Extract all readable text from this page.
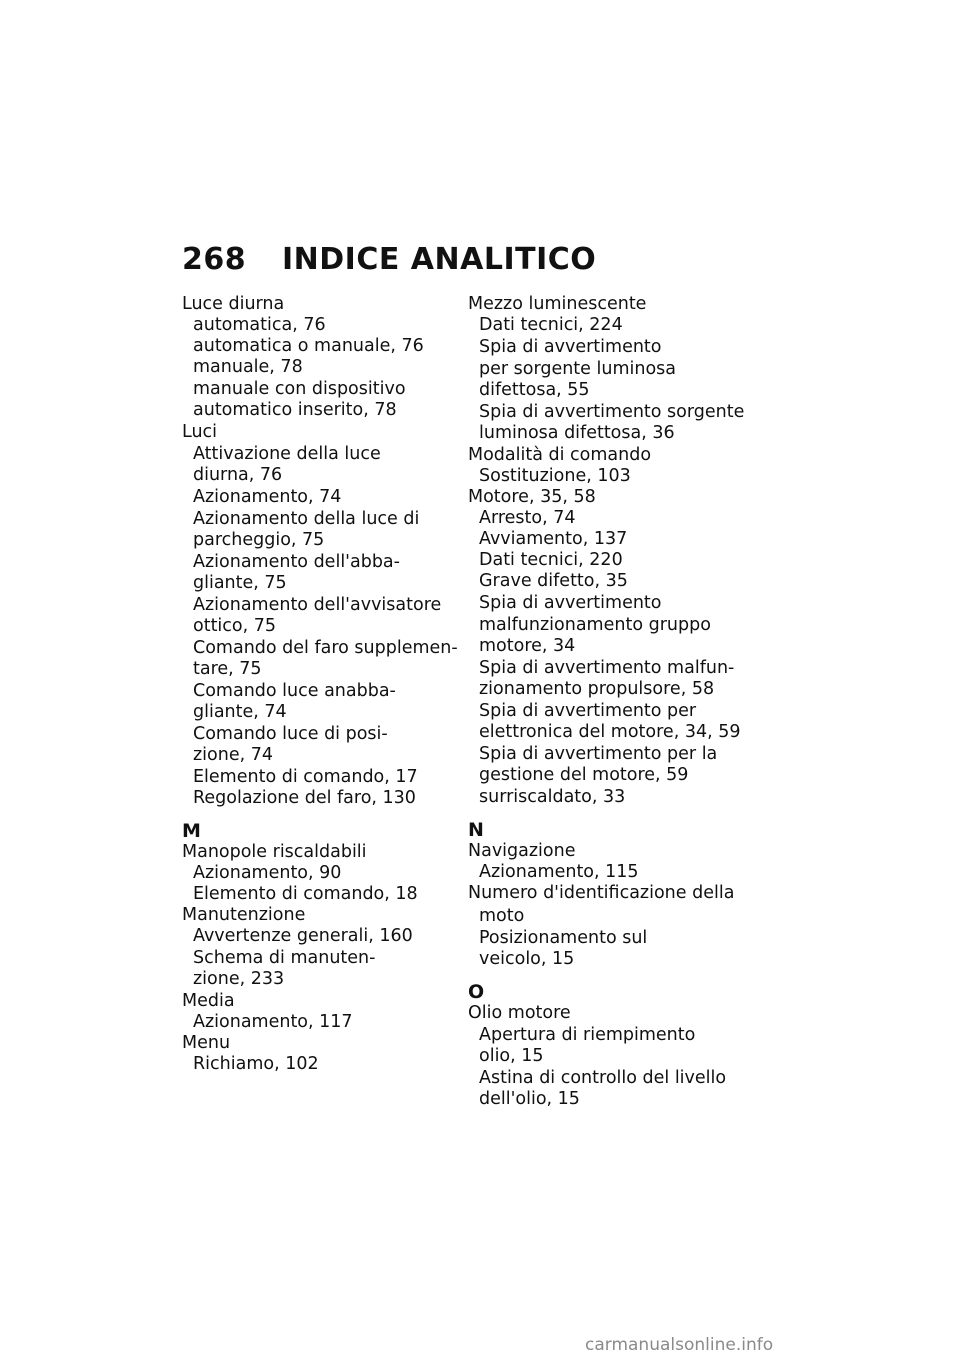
268 INDICE ANALITICO
Luce diurna
automatica, 76
automatica o manuale, 76
manuale, 78
manuale con dispositivo
automatico inserito, 78
Luci
Attivazione della luce
diurna, 76
Azionamento, 74
Azionamento della luce di
parcheggio, 75
Azionamento dell'abba-
gliante, 75
Azionamento dell'avvisatore
ottico, 75
Comando del faro supplemen-
tare, 75
Comando luce anabba-
gliante, 74
Comando luce di posi-
zione, 74
Elemento di comando, 17
Regolazione del faro, 130
M
Manopole riscaldabili
Azionamento, 90
Elemento di comando, 18
Manutenzione
Avvertenze generali, 160
Schema di manuten-
zione, 233
Media
Azionamento, 117
Menu
Richiamo, 102
Mezzo luminescente
Dati tecnici, 224
Spia di avvertimento
per sorgente luminosa
difettosa, 55
Spia di avvertimento sorgente
luminosa difettosa, 36
Modalità di comando
Sostituzione, 103
Motore, 35, 58
Arresto, 74
Avviamento, 137
Dati tecnici, 220
Grave difetto, 35
Spia di avvertimento
malfunzionamento gruppo
motore, 34
Spia di avvertimento malfun-
zionamento propulsore, 58
Spia di avvertimento per
elettronica del motore, 34, 59
Spia di avvertimento per la
gestione del motore, 59
surriscaldato, 33
N
Navigazione
Azionamento, 115
Numero d'identificazione della
moto
Posizionamento sul
veicolo, 15
O
Olio motore
Apertura di riempimento
olio, 15
Astina di controllo del livello
dell'olio, 15
carmanualsonline.info
